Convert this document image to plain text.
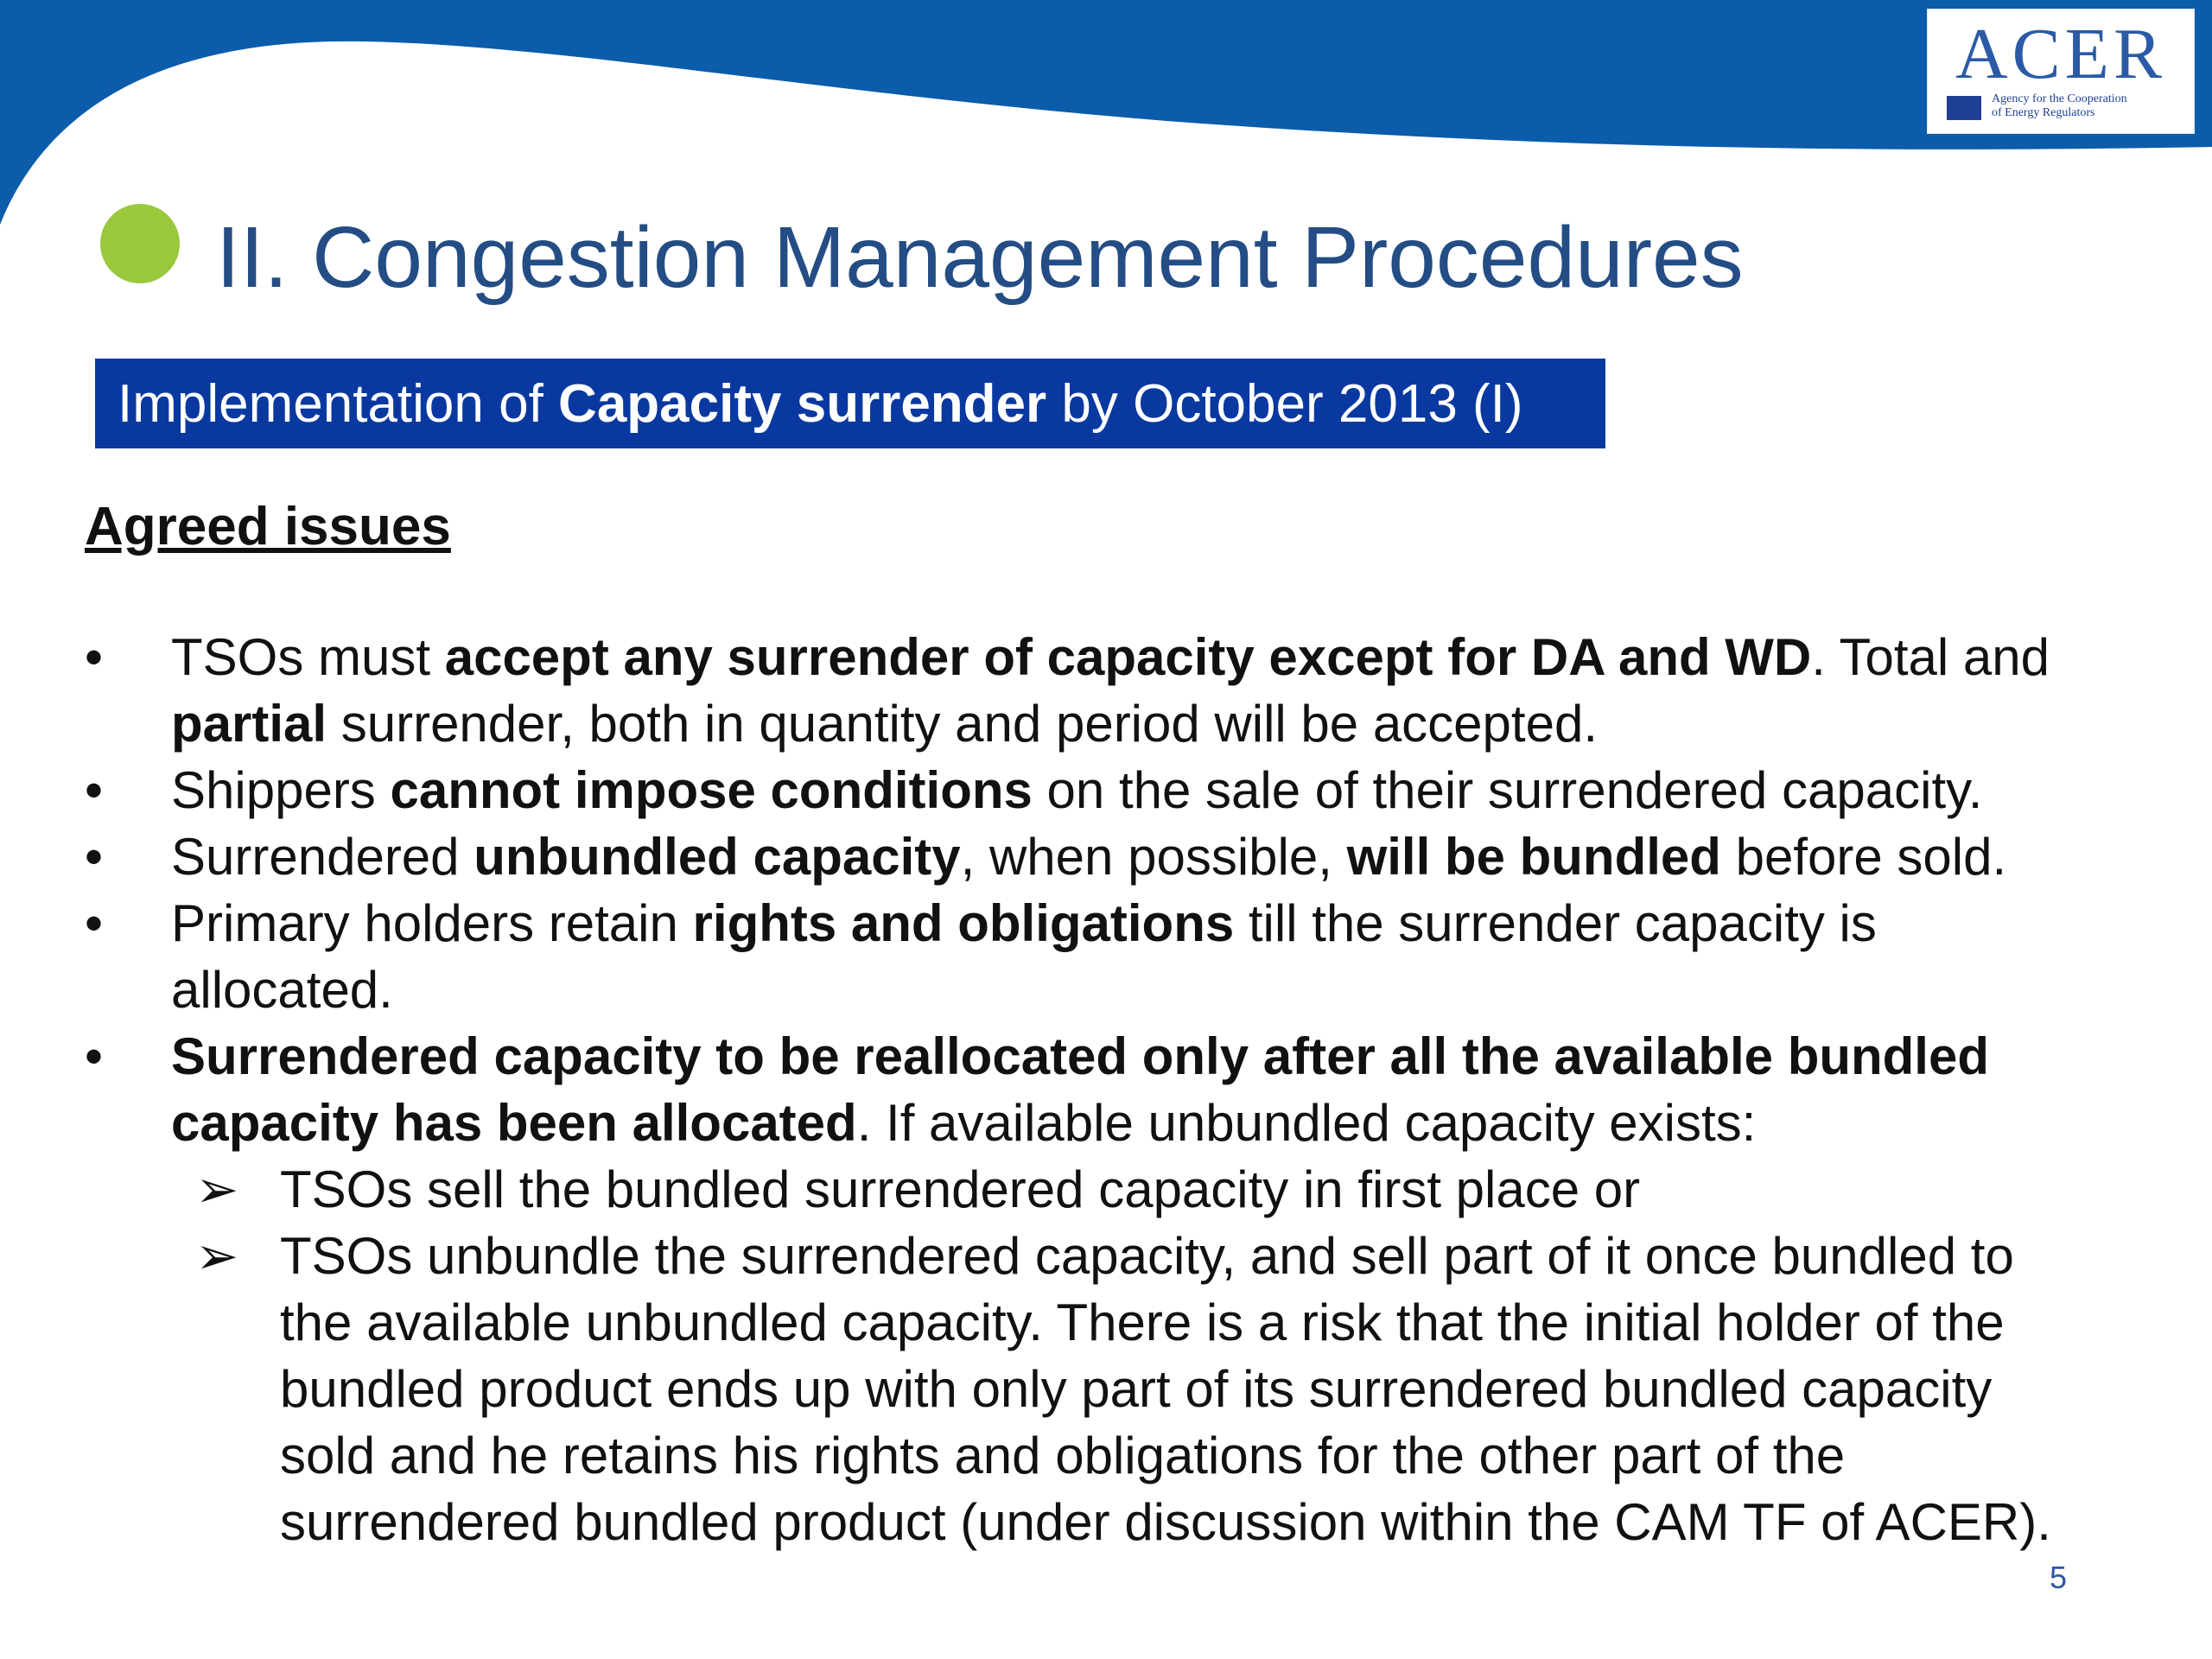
ACER
Agency for the Cooperation
of Energy Regulators
II. Congestion Management Procedures
Implementation of Capacity surrender by October 2013 (I)
Agreed issues
• TSOs must accept any surrender of capacity except for DA and WD. Total and
partial surrender, both in quantity and period will be accepted.
• Shippers cannot impose conditions on the sale of their surrendered capacity.
• Surrendered unbundled capacity, when possible, will be bundled before sold.
• Primary holders retain rights and obligations till the surrender capacity is
allocated.
• Surrendered capacity to be reallocated only after all the available bundled
capacity has been allocated. If available unbundled capacity exists:
➢ TSOs sell the bundled surrendered capacity in first place or
➢ TSOs unbundle the surrendered capacity, and sell part of it once bundled to
the available unbundled capacity. There is a risk that the initial holder of the
bundled product ends up with only part of its surrendered bundled capacity
sold and he retains his rights and obligations for the other part of the
surrendered bundled product (under discussion within the CAM TF of ACER).
5
